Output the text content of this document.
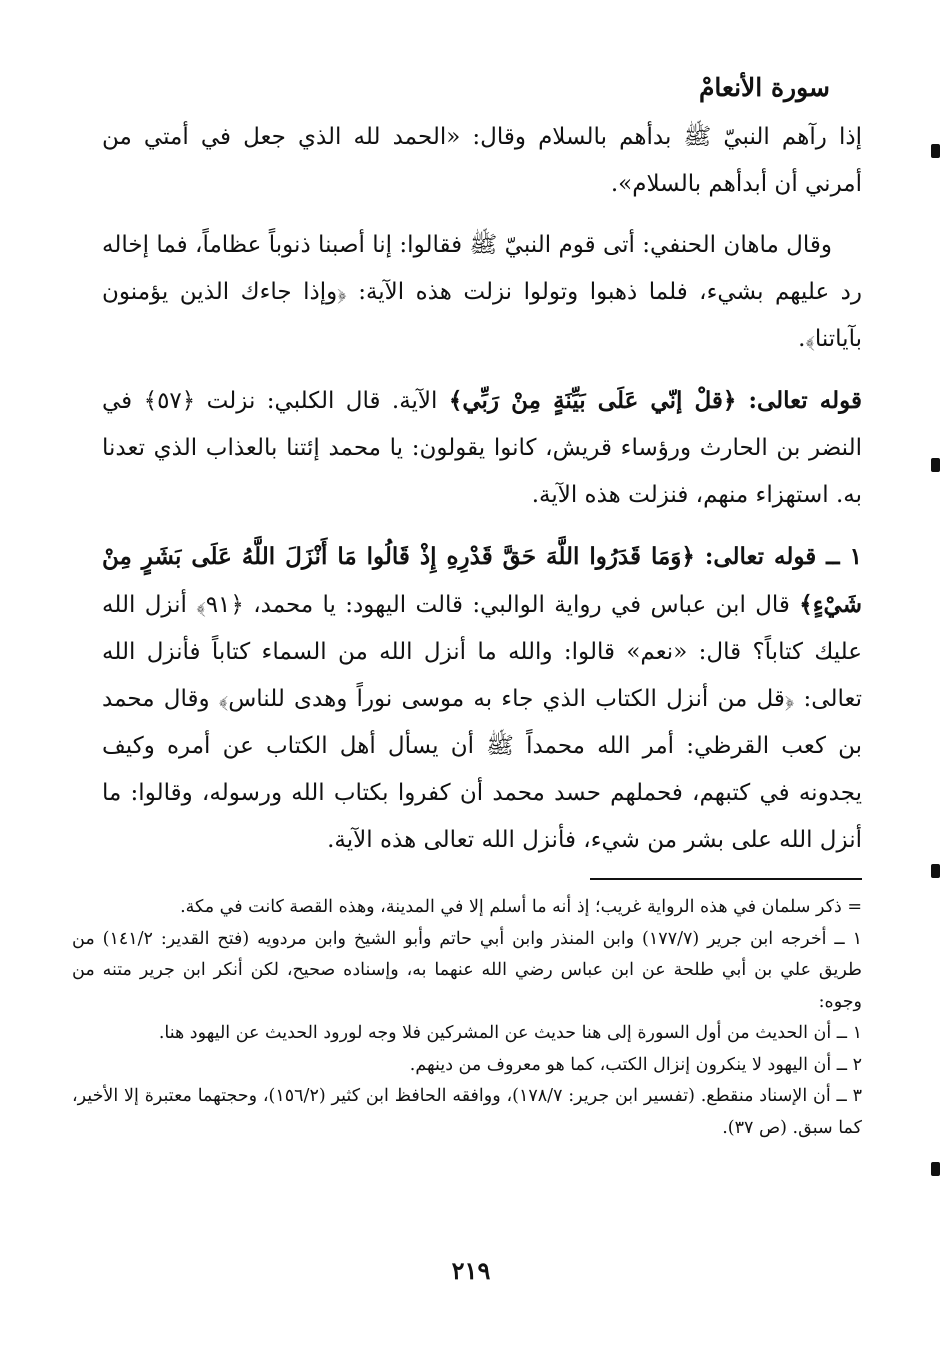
سورة الأنعامْ

إذا رآهم النبيّ ﷺ بدأهم بالسلام وقال: «الحمد لله الذي جعل في أمتي من أمرني أن أبدأهم بالسلام».

وقال ماهان الحنفي: أتى قوم النبيّ ﷺ فقالوا: إنا أصبنا ذنوباً عظاماً، فما إخاله رد عليهم بشيء، فلما ذهبوا وتولوا نزلت هذه الآية: ﴿وإذا جاءك الذين يؤمنون بآياتنا﴾.

قوله تعالى: ﴿قلْ إنّي عَلَى بَيِّنَةٍ مِنْ رَبِّي﴾ الآية. قال الكلبي: نزلت ﴿٥٧﴾ في النضر بن الحارث ورؤساء قريش، كانوا يقولون: يا محمد إئتنا بالعذاب الذي تعدنا به. استهزاء منهم، فنزلت هذه الآية.

١ ــ قوله تعالى: ﴿وَمَا قَدَرُوا اللَّهَ حَقَّ قَدْرِهِ إِذْ قَالُوا مَا أَنْزَلَ اللَّهُ عَلَى بَشَرٍ مِنْ شَيْءٍ﴾ قال ابن عباس في رواية الوالبي: قالت اليهود: يا محمد، ﴿٩١﴾ أنزل الله عليك كتاباً؟ قال: «نعم» قالوا: والله ما أنزل الله من السماء كتاباً فأنزل الله تعالى: ﴿قل من أنزل الكتاب الذي جاء به موسى نوراً وهدى للناس﴾ وقال محمد بن كعب القرظي: أمر الله محمداً ﷺ أن يسأل أهل الكتاب عن أمره وكيف يجدونه في كتبهم، فحملهم حسد محمد أن كفروا بكتاب الله ورسوله، وقالوا: ما أنزل الله على بشر من شيء، فأنزل الله تعالى هذه الآية.

= ذكر سلمان في هذه الرواية غريب؛ إذ أنه ما أسلم إلا في المدينة، وهذه القصة كانت في مكة.

١ ــ أخرجه ابن جرير (١٧٧/٧) وابن المنذر وابن أبي حاتم وأبو الشيخ وابن مردويه (فتح القدير: ١٤١/٢) من طريق علي بن أبي طلحة عن ابن عباس رضي الله عنهما به، وإسناده صحيح، لكن أنكر ابن جرير متنه من وجوه:

١ ــ أن الحديث من أول السورة إلى هنا حديث عن المشركين فلا وجه لورود الحديث عن اليهود هنا.

٢ ــ أن اليهود لا ينكرون إنزال الكتب، كما هو معروف من دينهم.

٣ ــ أن الإسناد منقطع. (تفسير ابن جرير: ١٧٨/٧)، ووافقه الحافظ ابن كثير (١٥٦/٢)، وحجتهما معتبرة إلا الأخير، كما سبق. (ص ٣٧).

٢١٩
